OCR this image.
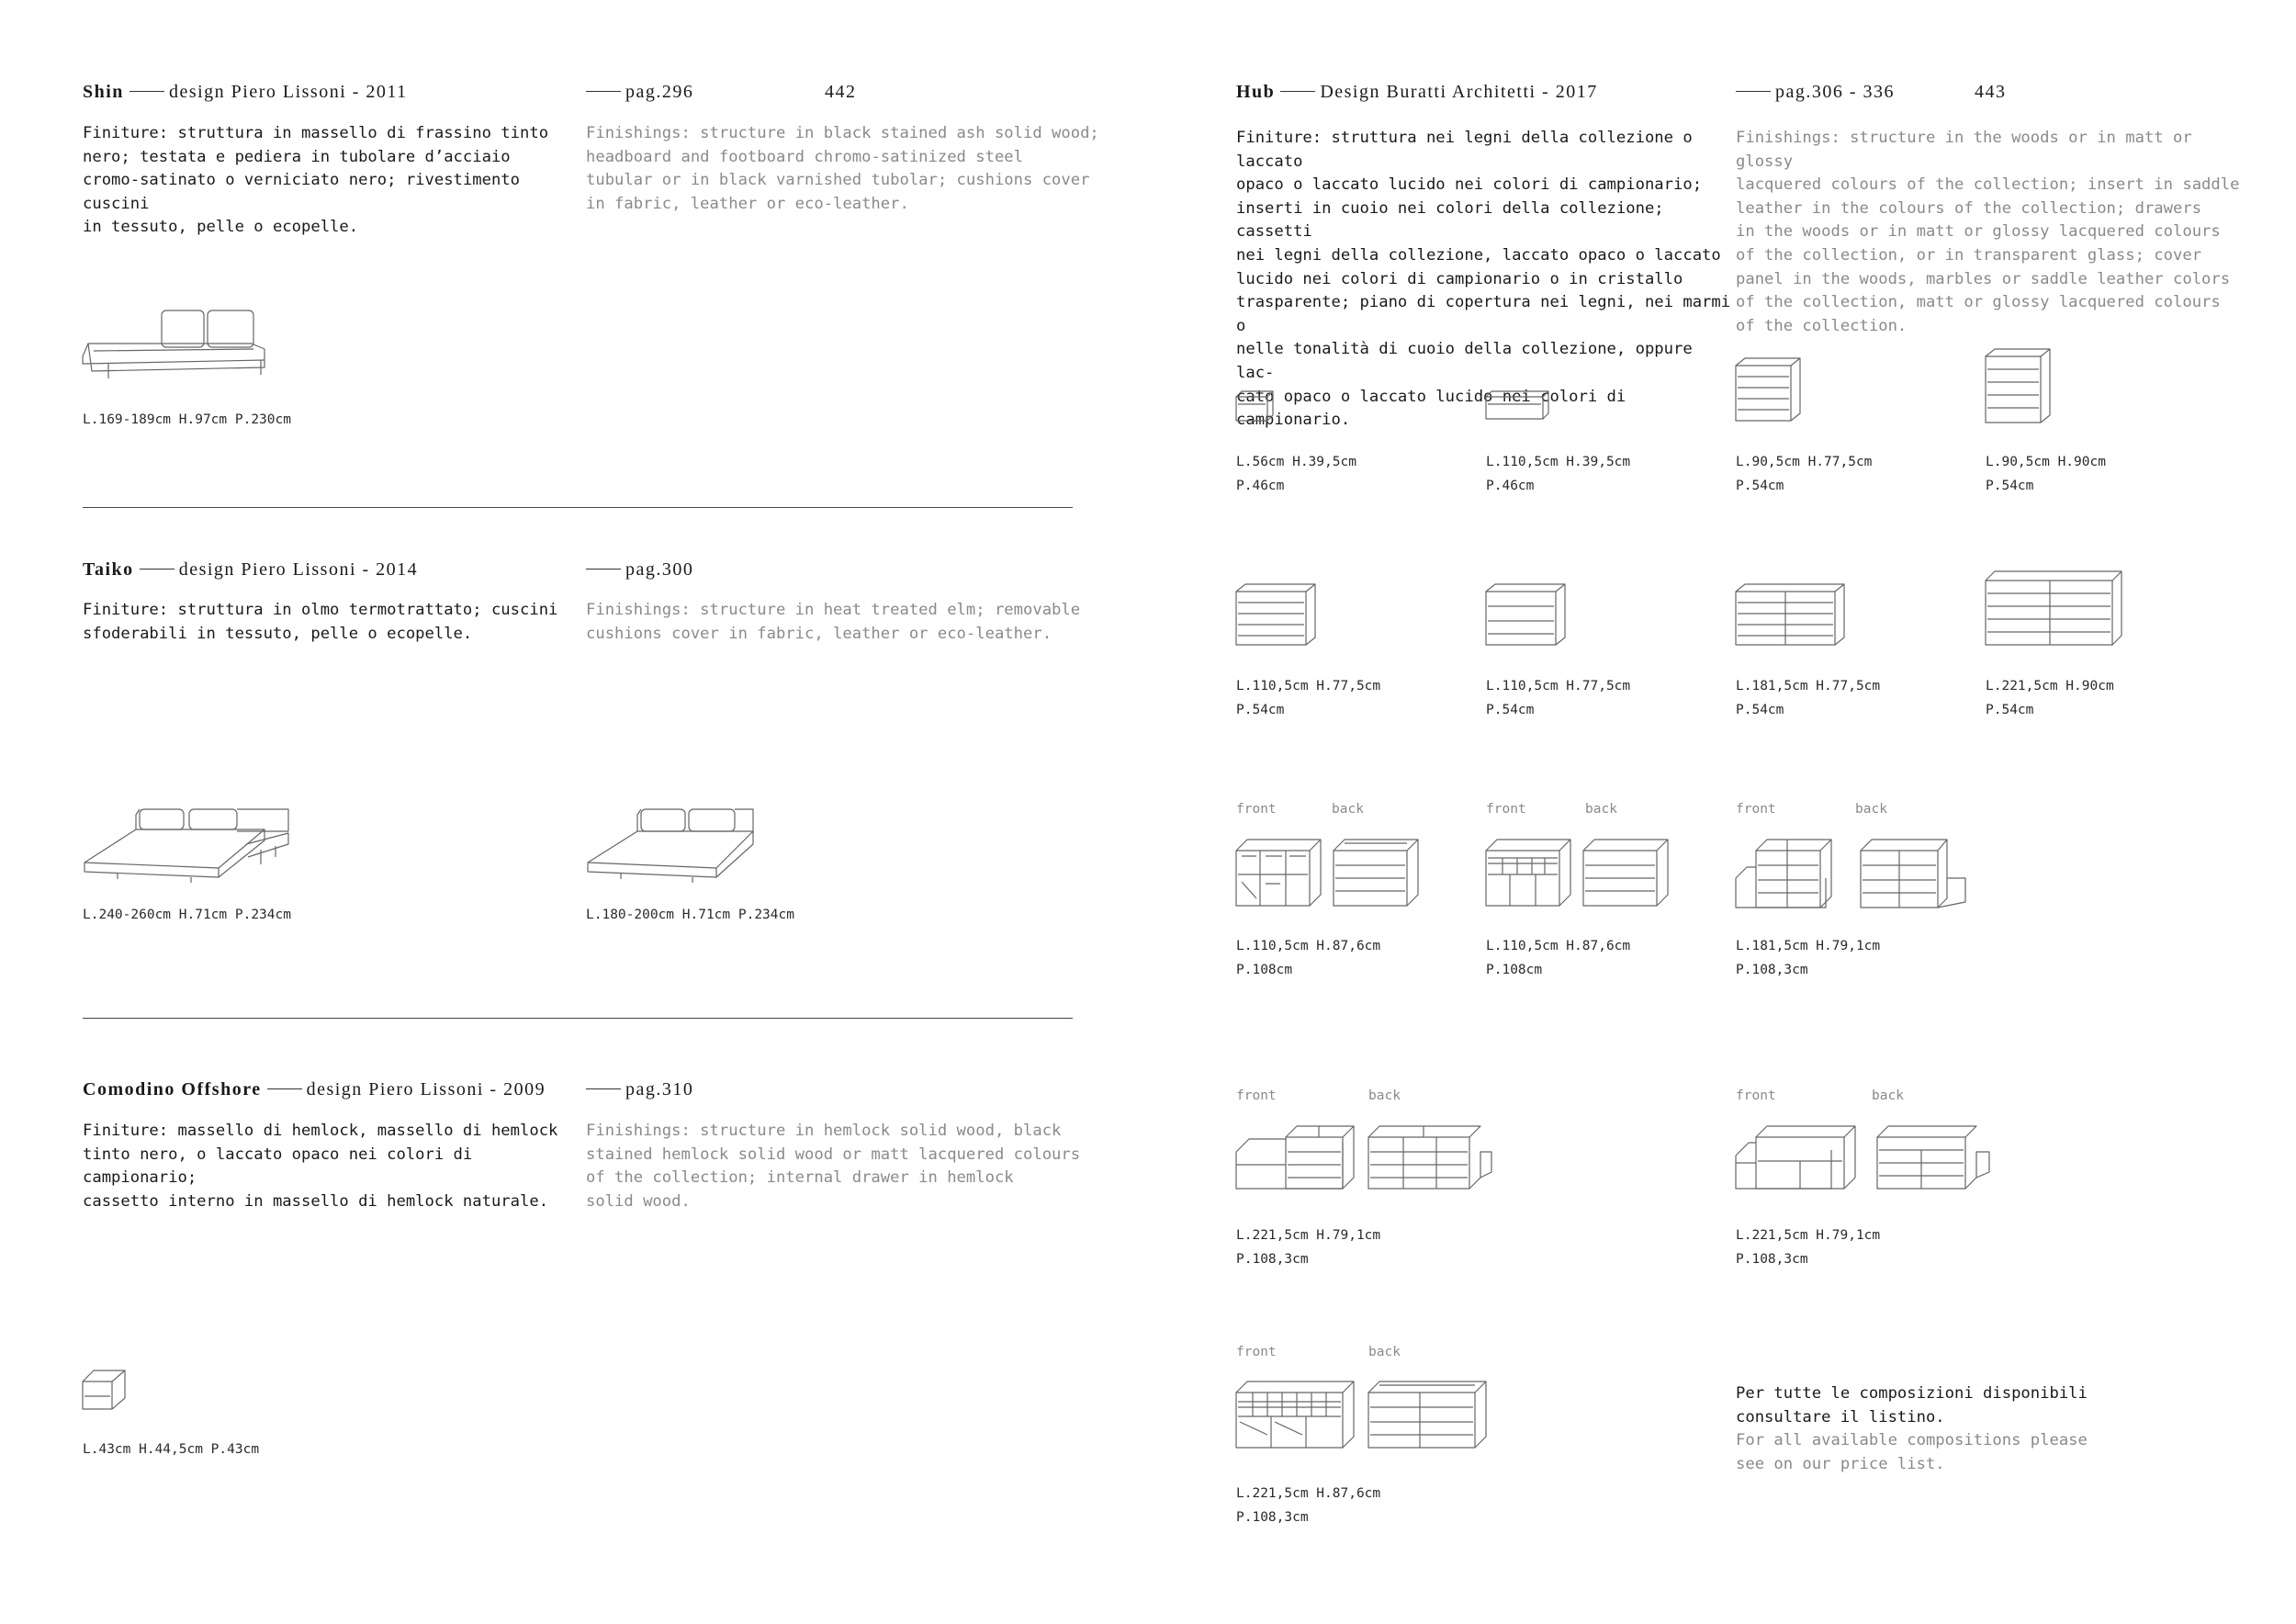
Shin design Piero Lissoni - 2011	pag.296	442
Finiture: struttura in massello di frassino tinto
nero; testata e pediera in tubolare d’acciaio
cromo-satinato o verniciato nero; rivestimento cuscini
in tessuto, pelle o ecopelle.
Finishings: structure in black stained ash solid wood;
headboard and footboard chromo-satinized steel
tubular or in black varnished tubolar; cushions cover
in fabric, leather or eco-leather.
L.169-189cm H.97cm P.230cm
Taiko design Piero Lissoni - 2014	pag.300
Finiture: struttura in olmo termotrattato; cuscini
sfoderabili in tessuto, pelle o ecopelle.
Finishings: structure in heat treated elm; removable
cushions cover in fabric, leather or eco-leather.
L.240-260cm H.71cm P.234cm	L.180-200cm H.71cm P.234cm
Comodino Offshore design Piero Lissoni - 2009	pag.310
Finiture: massello di hemlock, massello di hemlock
tinto nero, o laccato opaco nei colori di campionario;
cassetto interno in massello di hemlock naturale.
Finishings: structure in hemlock solid wood, black
stained hemlock solid wood or matt lacquered colours
of the collection; internal drawer in hemlock
solid wood.
L.43cm H.44,5cm P.43cm
Hub Design Buratti Architetti - 2017	pag.306 - 336	443
Finiture: struttura nei legni della collezione o laccato
opaco o laccato lucido nei colori di campionario;
inserti in cuoio nei colori della collezione; cassetti
nei legni della collezione, laccato opaco o laccato
lucido nei colori di campionario o in cristallo
trasparente; piano di copertura nei legni, nei marmi o
nelle tonalità di cuoio della collezione, oppure lac-
cato opaco o laccato lucido nei colori di campionario.
Finishings: structure in the woods or in matt or glossy
lacquered colours of the collection; insert in saddle
leather in the colours of the collection; drawers
in the woods or in matt or glossy lacquered colours
of the collection, or in transparent glass; cover
panel in the woods, marbles or saddle leather colors
of the collection, matt or glossy lacquered colours
of the collection.
L.56cm H.39,5cm
P.46cm
L.110,5cm H.39,5cm
P.46cm
L.90,5cm H.77,5cm
P.54cm
L.90,5cm H.90cm
P.54cm
L.110,5cm H.77,5cm
P.54cm
L.110,5cm H.77,5cm
P.54cm
L.181,5cm H.77,5cm
P.54cm
L.221,5cm H.90cm
P.54cm
front	back	front	back	front	back
L.110,5cm H.87,6cm
P.108cm
L.110,5cm H.87,6cm
P.108cm
L.181,5cm H.79,1cm
P.108,3cm
front	back	front	back
L.221,5cm H.79,1cm
P.108,3cm
L.221,5cm H.79,1cm
P.108,3cm
front	back
L.221,5cm H.87,6cm
P.108,3cm
Per tutte le composizioni disponibili
consultare il listino.
For all available compositions please
see on our price list.
